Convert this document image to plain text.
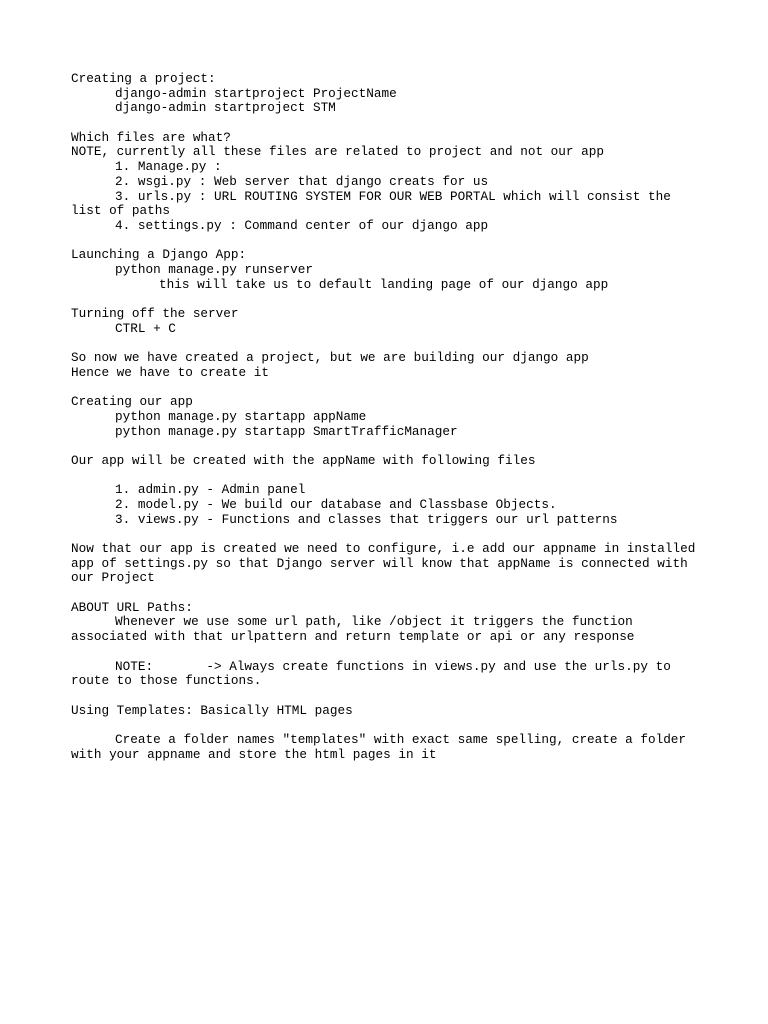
Creating a project:
django-admin startproject ProjectName
django-admin startproject STM
Which files are what?
NOTE, currently all these files are related to project and not our app
1. Manage.py :
2. wsgi.py : Web server that django creats for us
3. urls.py : URL ROUTING SYSTEM FOR OUR WEB PORTAL which will consist the
list of paths
4. settings.py : Command center of our django app
Launching a Django App:
python manage.py runserver
this will take us to default landing page of our django app
Turning off the server
CTRL + C
So now we have created a project, but we are building our django app
Hence we have to create it
Creating our app
python manage.py startapp appName
python manage.py startapp SmartTrafficManager
Our app will be created with the appName with following files
1. admin.py - Admin panel
2. model.py - We build our database and Classbase Objects.
3. views.py - Functions and classes that triggers our url patterns
Now that our app is created we need to configure, i.e add our appname in installed
app of settings.py so that Django server will know that appName is connected with
our Project
ABOUT URL Paths:
Whenever we use some url path, like /object it triggers the function
associated with that urlpattern and return template or api or any response
NOTE:       -> Always create functions in views.py and use the urls.py to
route to those functions.
Using Templates: Basically HTML pages
Create a folder names "templates" with exact same spelling, create a folder
with your appname and store the html pages in it
